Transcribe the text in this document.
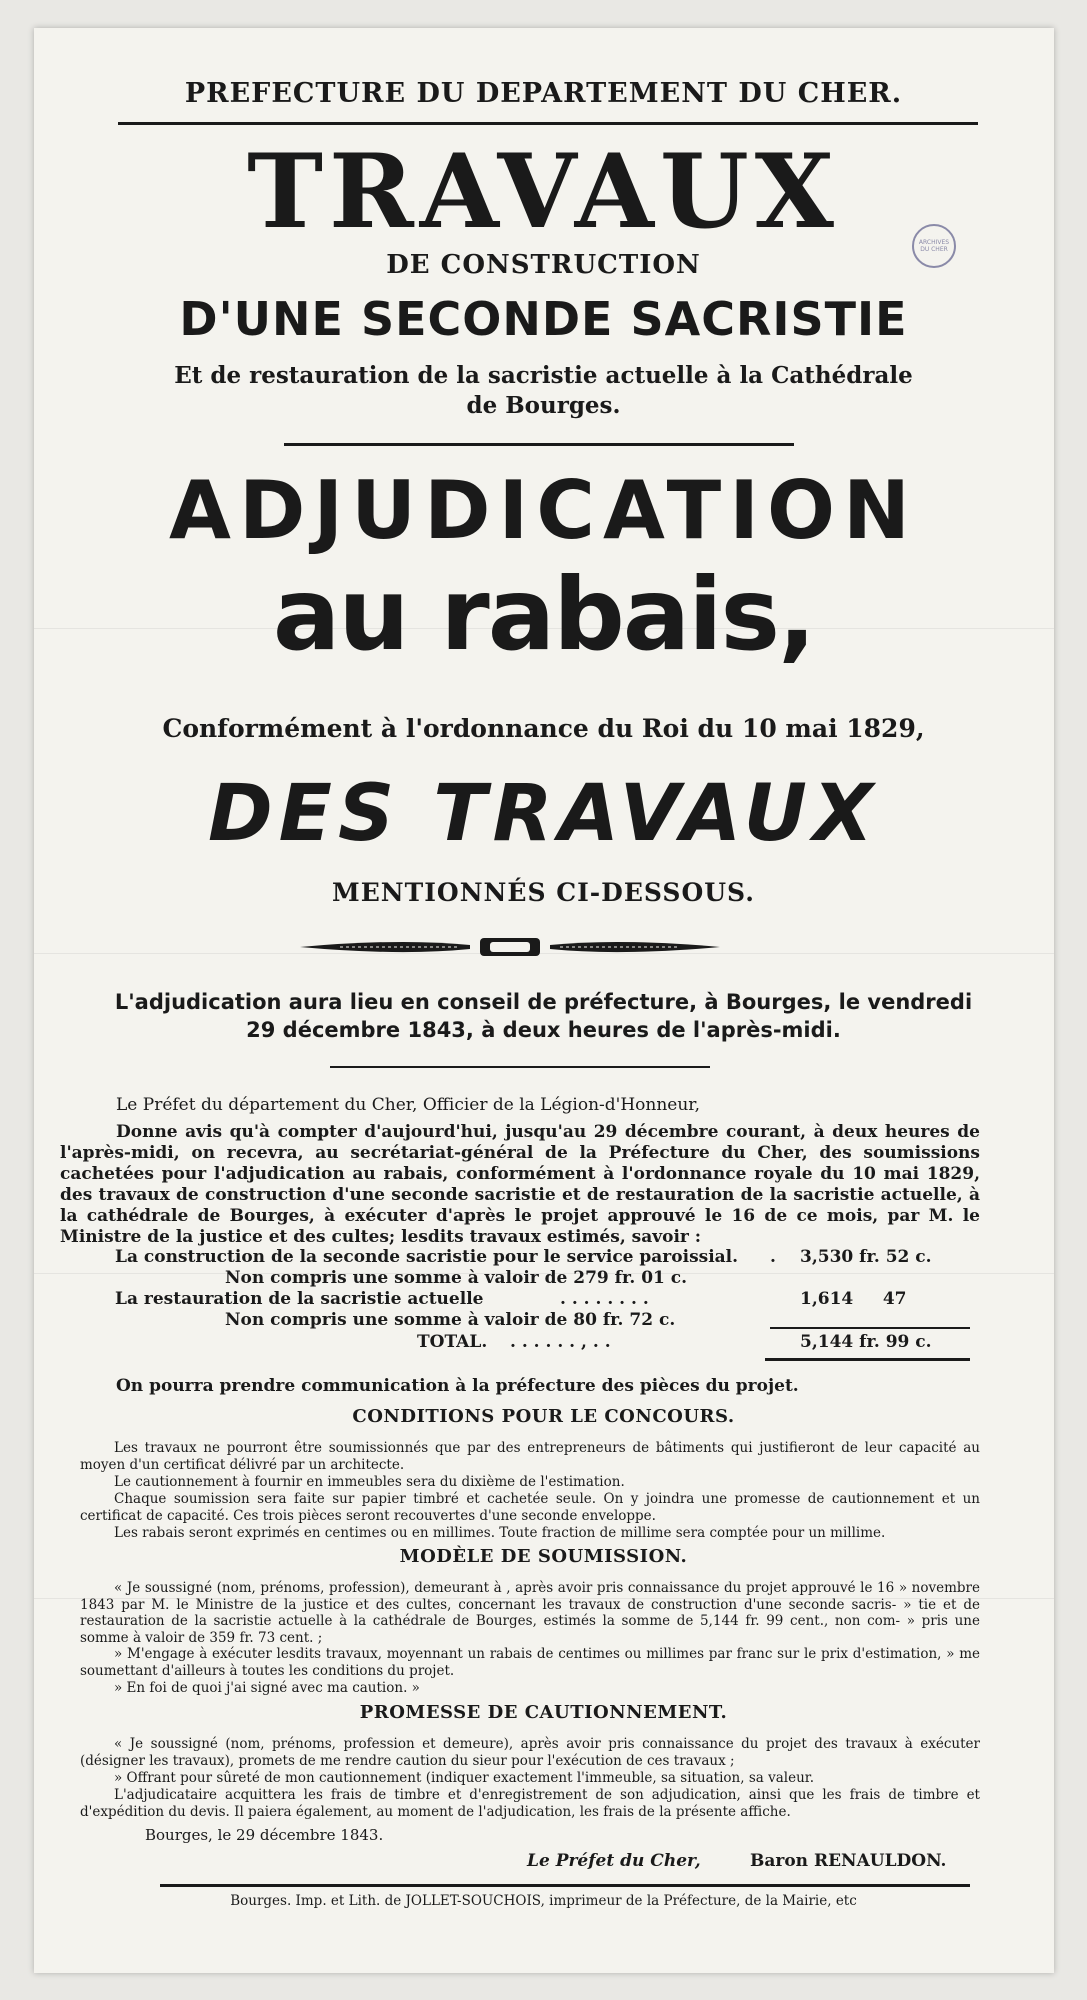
PREFECTURE DU DEPARTEMENT DU CHER.
TRAVAUX
DE CONSTRUCTION
D'UNE SECONDE SACRISTIE
Et de restauration de la sacristie actuelle à la Cathédrale
de Bourges.
ADJUDICATION
au rabais,
Conformément à l'ordonnance du Roi du 10 mai 1829,
DES TRAVAUX
MENTIONNÉS CI-DESSOUS.
L'adjudication aura lieu en conseil de préfecture, à Bourges, le vendredi
29 décembre 1843, à deux heures de l'après-midi.
Le Préfet du département du Cher, Officier de la Légion-d'Honneur,
Donne avis qu'à compter d'aujourd'hui, jusqu'au 29 décembre courant, à deux heures de l'après-midi, on recevra, au secrétariat-général de la Préfecture du Cher, des soumissions cachetées pour l'adjudication au rabais, conformément à l'ordonnance royale du 10 mai 1829, des travaux de construction d'une seconde sacristie et de restauration de la sacristie actuelle, à la cathédrale de Bourges, à exécuter d'après le projet approuvé le 16 de ce mois, par M. le Ministre de la justice et des cultes; lesdits travaux estimés, savoir :
La construction de la seconde sacristie pour le service paroissial. . 3,530 fr. 52 c.
Non compris une somme à valoir de 279 fr. 01 c.
La restauration de la sacristie actuelle	. . . . . . . .	1,614     47
Non compris une somme à valoir de 80 fr. 72 c.
TOTAL. . . . . . . , . .	5,144 fr. 99 c.
On pourra prendre communication à la préfecture des pièces du projet.
CONDITIONS POUR LE CONCOURS.
Les travaux ne pourront être soumissionnés que par des entrepreneurs de bâtiments qui justifieront de leur capacité au moyen d'un certificat délivré par un architecte.
Le cautionnement à fournir en immeubles sera du dixième de l'estimation.
Chaque soumission sera faite sur papier timbré et cachetée seule. On y joindra une promesse de cautionnement et un certificat de capacité. Ces trois pièces seront recouvertes d'une seconde enveloppe.
Les rabais seront exprimés en centimes ou en millimes. Toute fraction de millime sera comptée pour un millime.
MODÈLE DE SOUMISSION.
« Je soussigné (nom, prénoms, profession), demeurant à , après avoir pris connaissance du projet approuvé le 16 » novembre 1843 par M. le Ministre de la justice et des cultes, concernant les travaux de construction d'une seconde sacris- » tie et de restauration de la sacristie actuelle à la cathédrale de Bourges, estimés la somme de 5,144 fr. 99 cent., non com- » pris une somme à valoir de 359 fr. 73 cent. ;
» M'engage à exécuter lesdits travaux, moyennant un rabais de centimes ou millimes par franc sur le prix d'estimation, » me soumettant d'ailleurs à toutes les conditions du projet.
» En foi de quoi j'ai signé avec ma caution. »
PROMESSE DE CAUTIONNEMENT.
« Je soussigné (nom, prénoms, profession et demeure), après avoir pris connaissance du projet des travaux à exécuter (désigner les travaux), promets de me rendre caution du sieur pour l'exécution de ces travaux ;
» Offrant pour sûreté de mon cautionnement (indiquer exactement l'immeuble, sa situation, sa valeur.
L'adjudicataire acquittera les frais de timbre et d'enregistrement de son adjudication, ainsi que les frais de timbre et d'expédition du devis. Il paiera également, au moment de l'adjudication, les frais de la présente affiche.
Bourges, le 29 décembre 1843.
Le Préfet du Cher,	Baron RENAULDON.
Bourges. Imp. et Lith. de JOLLET-SOUCHOIS, imprimeur de la Préfecture, de la Mairie, etc
ARCHIVES DU CHER
